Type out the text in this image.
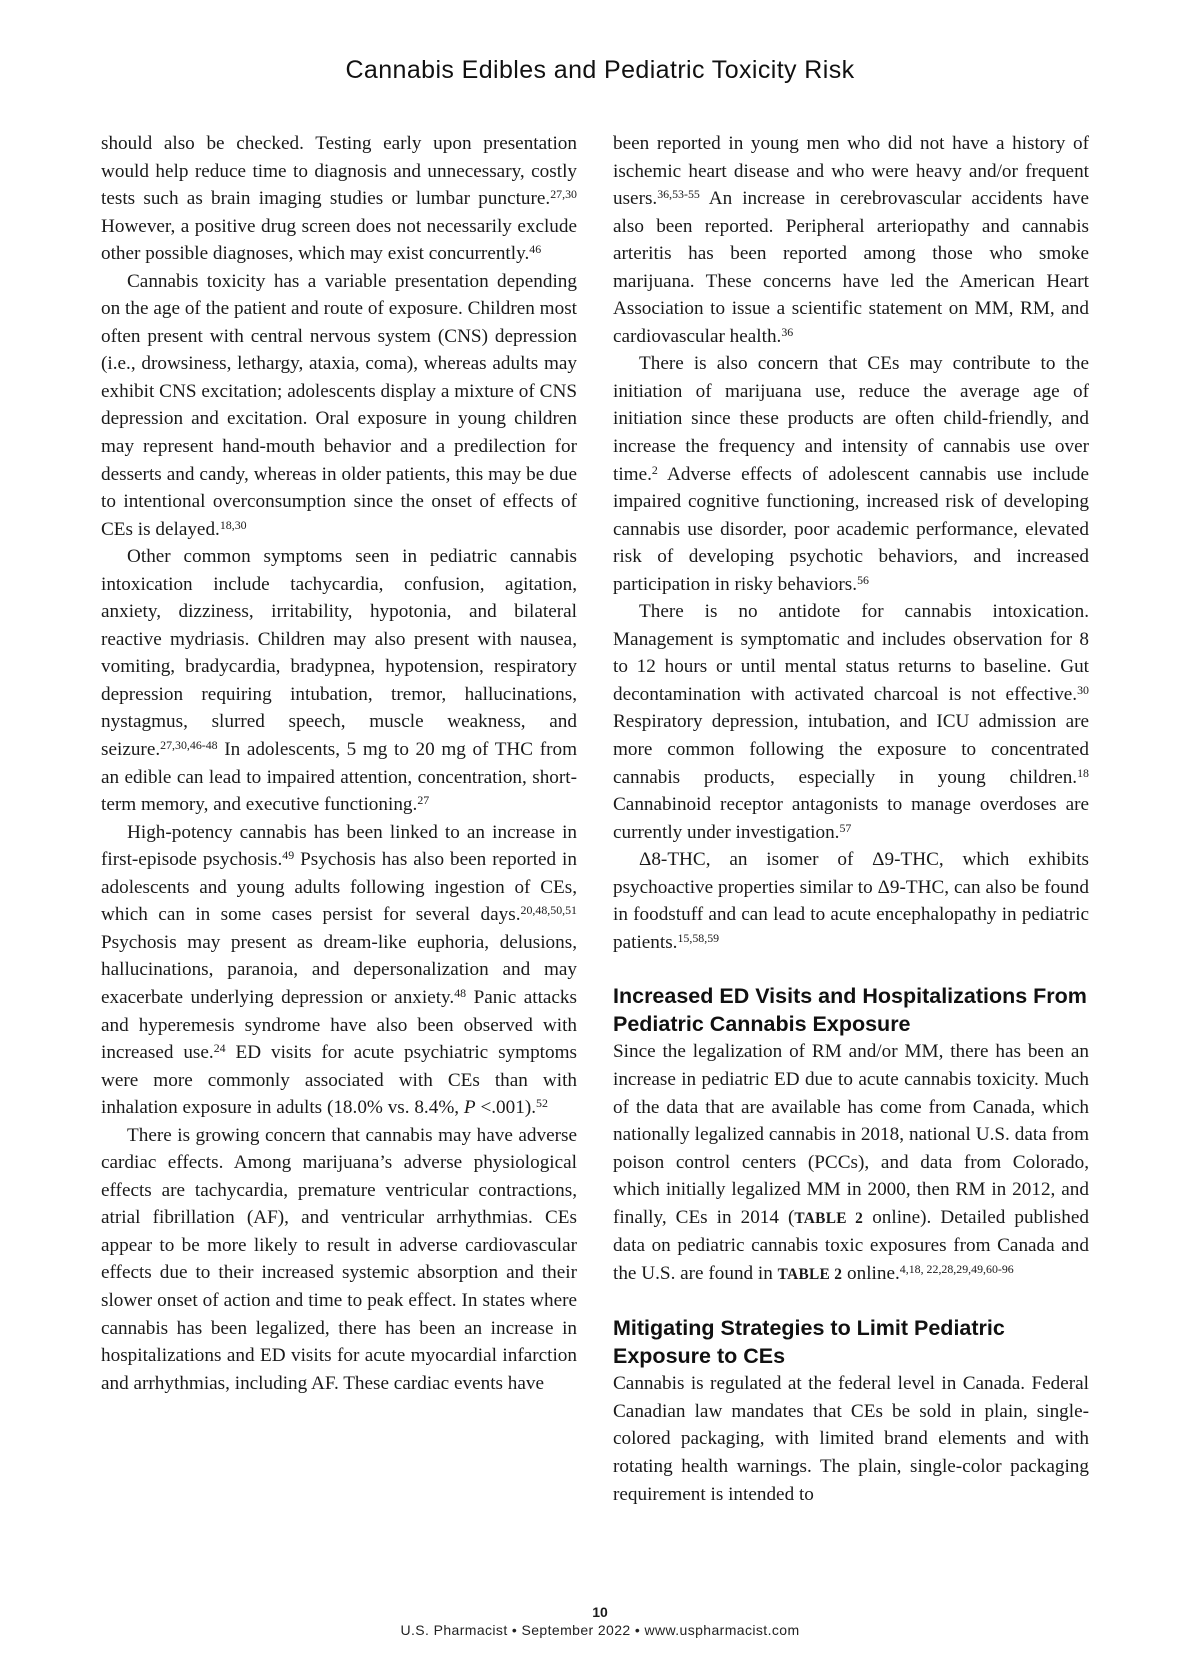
Cannabis Edibles and Pediatric Toxicity Risk

should also be checked. Testing early upon presentation would help reduce time to diagnosis and unnecessary, costly tests such as brain imaging studies or lumbar puncture.$^{27,30}$ However, a positive drug screen does not necessarily exclude other possible diagnoses, which may exist concurrently.$^{46}$

Cannabis toxicity has a variable presentation depending on the age of the patient and route of exposure. Children most often present with central nervous system (CNS) depression (i.e., drowsiness, lethargy, ataxia, coma), whereas adults may exhibit CNS excitation; adolescents display a mixture of CNS depression and excitation. Oral exposure in young children may represent hand-mouth behavior and a predilection for desserts and candy, whereas in older patients, this may be due to intentional overconsumption since the onset of effects of CEs is delayed.$^{18,30}$

Other common symptoms seen in pediatric cannabis intoxication include tachycardia, confusion, agitation, anxiety, dizziness, irritability, hypotonia, and bilateral reactive mydriasis. Children may also present with nausea, vomiting, bradycardia, bradypnea, hypotension, respiratory depression requiring intubation, tremor, hallucinations, nystagmus, slurred speech, muscle weakness, and seizure.$^{27,30,46-48}$ In adolescents, 5 mg to 20 mg of THC from an edible can lead to impaired attention, concentration, short-term memory, and executive functioning.$^{27}$

High-potency cannabis has been linked to an increase in first-episode psychosis.$^{49}$ Psychosis has also been reported in adolescents and young adults following ingestion of CEs, which can in some cases persist for several days.$^{20,48,50,51}$ Psychosis may present as dream-like euphoria, delusions, hallucinations, paranoia, and depersonalization and may exacerbate underlying depression or anxiety.$^{48}$ Panic attacks and hyperemesis syndrome have also been observed with increased use.$^{24}$ ED visits for acute psychiatric symptoms were more commonly associated with CEs than with inhalation exposure in adults (18.0% vs. 8.4%, P <.001).$^{52}$

There is growing concern that cannabis may have adverse cardiac effects. Among marijuana’s adverse physiological effects are tachycardia, premature ventricular contractions, atrial fibrillation (AF), and ventricular arrhythmias. CEs appear to be more likely to result in adverse cardiovascular effects due to their increased systemic absorption and their slower onset of action and time to peak effect. In states where cannabis has been legalized, there has been an increase in hospitalizations and ED visits for acute myocardial infarction and arrhythmias, including AF. These cardiac events have

been reported in young men who did not have a history of ischemic heart disease and who were heavy and/or frequent users.$^{36,53-55}$ An increase in cerebrovascular accidents have also been reported. Peripheral arteriopathy and cannabis arteritis has been reported among those who smoke marijuana. These concerns have led the American Heart Association to issue a scientific statement on MM, RM, and cardiovascular health.$^{36}$

There is also concern that CEs may contribute to the initiation of marijuana use, reduce the average age of initiation since these products are often child-friendly, and increase the frequency and intensity of cannabis use over time.$^2$ Adverse effects of adolescent cannabis use include impaired cognitive functioning, increased risk of developing cannabis use disorder, poor academic performance, elevated risk of developing psychotic behaviors, and increased participation in risky behaviors.$^{56}$

There is no antidote for cannabis intoxication. Management is symptomatic and includes observation for 8 to 12 hours or until mental status returns to baseline. Gut decontamination with activated charcoal is not effective.$^{30}$ Respiratory depression, intubation, and ICU admission are more common following the exposure to concentrated cannabis products, especially in young children.$^{18}$ Cannabinoid receptor antagonists to manage overdoses are currently under investigation.$^{57}$

Δ8-THC, an isomer of Δ9-THC, which exhibits psychoactive properties similar to Δ9-THC, can also be found in foodstuff and can lead to acute encephalopathy in pediatric patients.$^{15,58,59}$

Increased ED Visits and Hospitalizations From Pediatric Cannabis Exposure

Since the legalization of RM and/or MM, there has been an increase in pediatric ED due to acute cannabis toxicity. Much of the data that are available has come from Canada, which nationally legalized cannabis in 2018, national U.S. data from poison control centers (PCCs), and data from Colorado, which initially legalized MM in 2000, then RM in 2012, and finally, CEs in 2014 (TABLE 2 online). Detailed published data on pediatric cannabis toxic exposures from Canada and the U.S. are found in TABLE 2 online.$^{4,18, 22,28,29,49,60-96}$

Mitigating Strategies to Limit Pediatric Exposure to CEs

Cannabis is regulated at the federal level in Canada. Federal Canadian law mandates that CEs be sold in plain, single-colored packaging, with limited brand elements and with rotating health warnings. The plain, single-color packaging requirement is intended to

10
U.S. Pharmacist • September 2022 • www.uspharmacist.com
